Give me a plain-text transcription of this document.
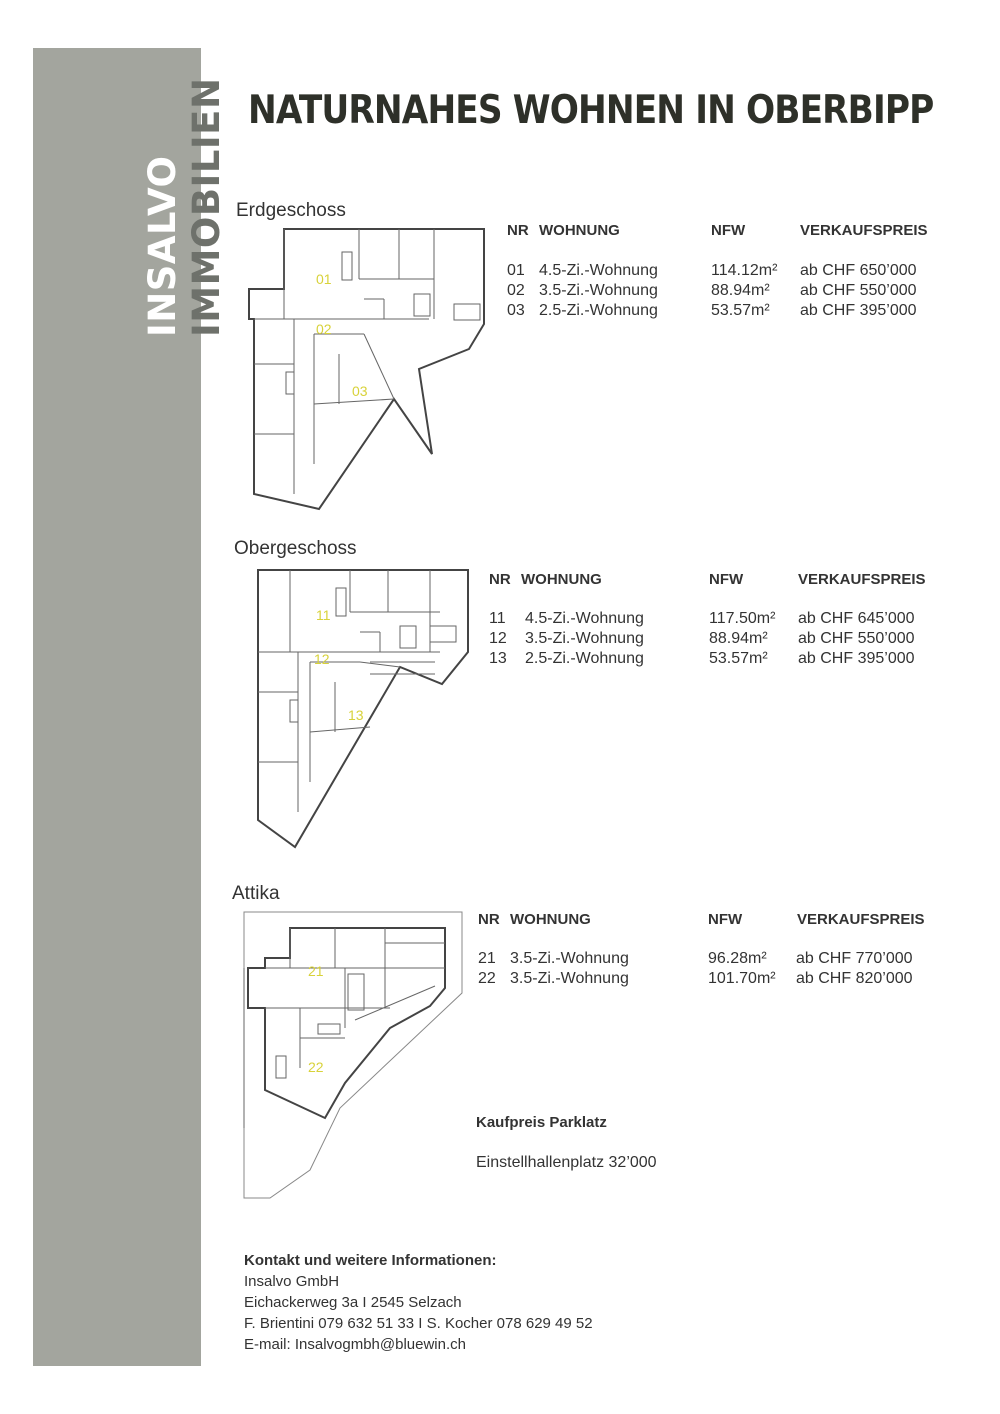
INSALVO IMMOBILIEN NATURNAHES WOHNEN IN OBERBIPP
Erdgeschoss
01
02
03
NR WOHNUNG	NFW	VERKAUFSPREIS
01 4.5-Zi.-Wohnung	114.12m² ab CHF 650’000
02 3.5-Zi.-Wohnung	88.94m² ab CHF 550’000
03 2.5-Zi.-Wohnung	53.57m² ab CHF 395’000
Obergeschoss
11
12
13
NR WOHNUNG	NFW	VERKAUFSPREIS
11 4.5-Zi.-Wohnung	117.50m² ab CHF 645’000
12 3.5-Zi.-Wohnung	88.94m² ab CHF 550’000
13 2.5-Zi.-Wohnung	53.57m² ab CHF 395’000
Attika
21
22
NR WOHNUNG	NFW	VERKAUFSPREIS
21 3.5-Zi.-Wohnung	96.28m² ab CHF 770’000
22 3.5-Zi.-Wohnung	101.70m² ab CHF 820’000
Kaufpreis Parklatz
Einstellhallenplatz 32’000
Kontakt und weitere Informationen:
Insalvo GmbH
Eichackerweg 3a I 2545 Selzach
F. Brientini 079 632 51 33 I S. Kocher 078 629 49 52
E-mail: Insalvogmbh@bluewin.ch
